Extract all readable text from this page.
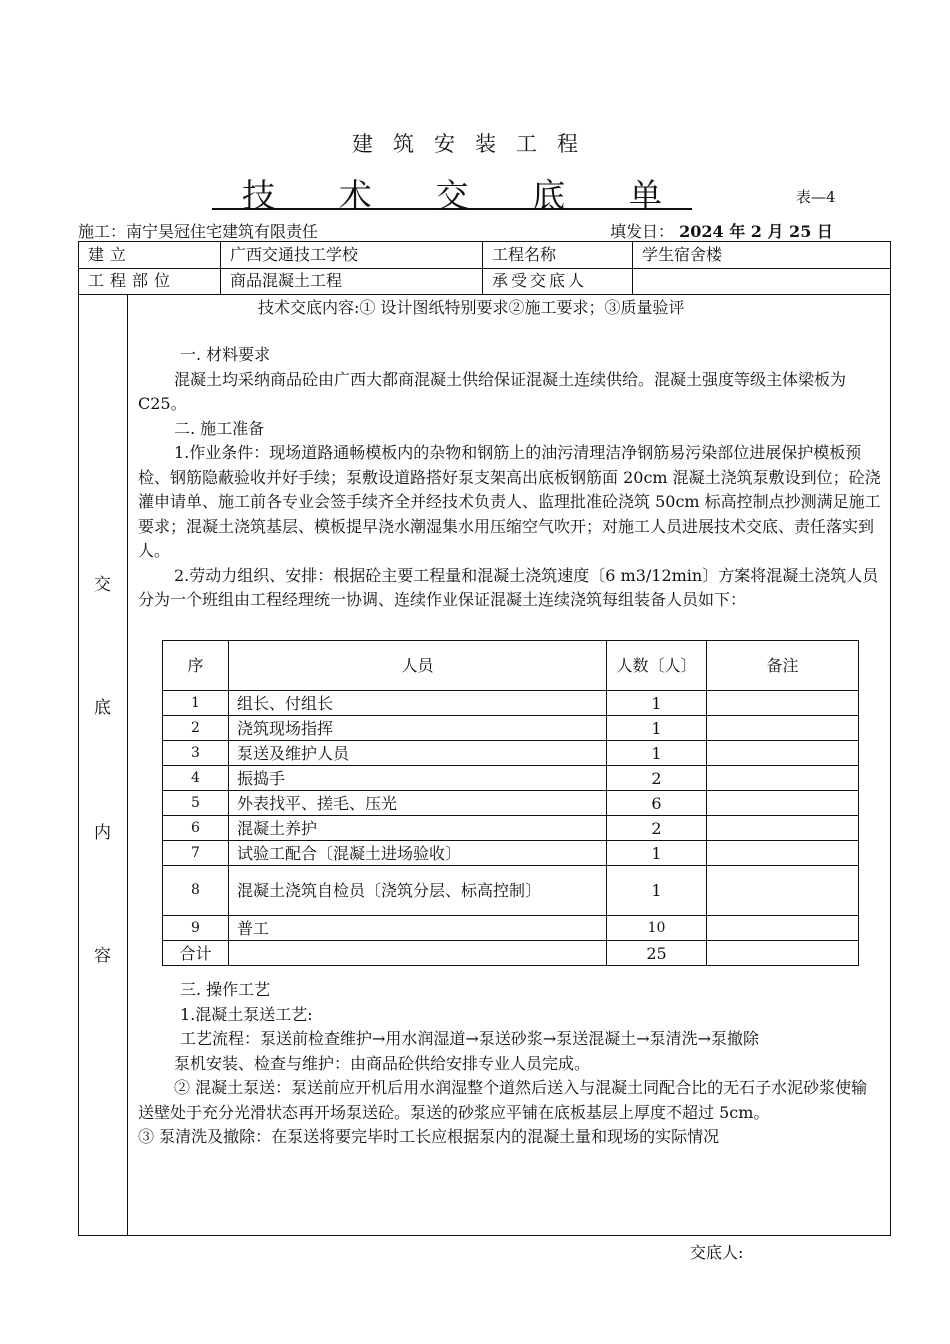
建筑安装工程
技 术 交 底 单	表—4
施工：南宁昊冠住宅建筑有限责任	填发日： 2024 年 2 月 25 日
建立	广西交通技工学校	工程名称	学生宿舍楼
工程部位	商品混凝土工程	承受交底人
交
底
内
容
技术交底内容:① 设计图纸特别要求②施工要求；③质量验评

一. 材料要求

混凝土均采纳商品砼由广西大都商混凝土供给保证混凝土连续供给。混凝土强度等级主体梁板为 C25。

二. 施工准备

1.作业条件：现场道路通畅模板内的杂物和钢筋上的油污清理洁净钢筋易污染部位进展保护模板预检、钢筋隐蔽验收并好手续；泵敷设道路搭好泵支架高出底板钢筋面 20cm 混凝土浇筑泵敷设到位；砼浇灌申请单、施工前各专业会签手续齐全并经技术负责人、监理批准砼浇筑 50cm 标高控制点抄测满足施工要求；混凝土浇筑基层、模板提早浇水潮湿集水用压缩空气吹开；对施工人员进展技术交底、责任落实到人。

2.劳动力组织、安排：根据砼主要工程量和混凝土浇筑速度〔6 m3/12min〕方案将混凝土浇筑人员分为一个班组由工程经理统一协调、连续作业保证混凝土连续浇筑每组装备人员如下：

序	人员	人数〔人〕	备注
1	组长、付组长	1	
2	浇筑现场指挥	1	
3	泵送及维护人员	1	
4	振捣手	2	
5	外表找平、搓毛、压光	6	
6	混凝土养护	2	
7	试验工配合〔混凝土进场验收〕	1	
8	混凝土浇筑自检员〔浇筑分层、标高控制〕	1	
9	普工	10	
合计		25	

三. 操作工艺

1.混凝土泵送工艺:

工艺流程：泵送前检查维护→用水润湿道→泵送砂浆→泵送混凝土→泵清洗→泵撤除

泵机安装、检查与维护：由商品砼供给安排专业人员完成。

② 混凝土泵送：泵送前应开机后用水润湿整个道然后送入与混凝土同配合比的无石子水泥砂浆使输送壁处于充分光滑状态再开场泵送砼。泵送的砂浆应平铺在底板基层上厚度不超过 5cm。

③ 泵清洗及撤除：在泵送将要完毕时工长应根据泵内的混凝土量和现场的实际情况

交底人:
